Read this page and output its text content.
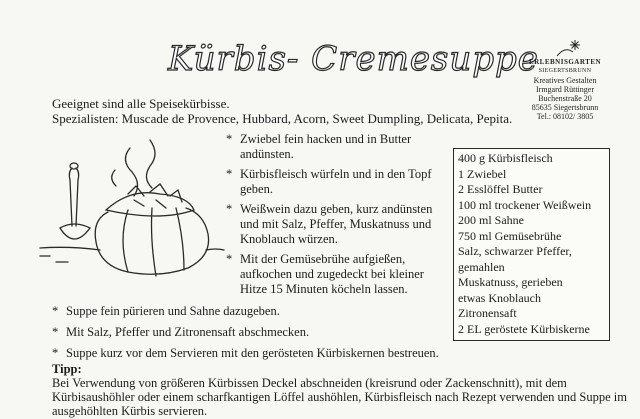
Kürbis- Cremesuppe
ERLEBNISGARTEN
SIEGERTSBRUNN
Kreatives Gestalten
Irmgard Rüttinger
Buchenstraße 20
85635 Siegertsbrunn
Tel.: 08102/ 3805
Geeignet sind alle Speisekürbisse.
Spezialisten: Muscade de Provence, Hubbard, Acorn, Sweet Dumpling, Delicata, Pepita.
* Zwiebel fein hacken und in Butter andünsten.
* Kürbisfleisch würfeln und in den Topf geben.
* Weißwein dazu geben, kurz andünsten und mit Salz, Pfeffer, Muskatnuss und Knoblauch würzen.
* Mit der Gemüsebrühe aufgießen, aufkochen und zugedeckt bei kleiner Hitze 15 Minuten köcheln lassen.
400 g Kürbisfleisch
1 Zwiebel
2 Esslöffel Butter
100 ml trockener Weißwein
200 ml Sahne
750 ml Gemüsebrühe
Salz, schwarzer Pfeffer, gemahlen
Muskatnuss, gerieben
etwas Knoblauch
Zitronensaft
2 EL geröstete Kürbiskerne
* Suppe fein pürieren und Sahne dazugeben.
* Mit Salz, Pfeffer und Zitronensaft abschmecken.
* Suppe kurz vor dem Servieren mit den gerösteten Kürbiskernen bestreuen.
Tipp:
Bei Verwendung von größeren Kürbissen Deckel abschneiden (kreisrund oder Zackenschnitt), mit dem Kürbisaushöhler oder einem scharfkantigen Löffel aushöhlen, Kürbisfleisch nach Rezept verwenden und Suppe im ausgehöhlten Kürbis servieren.
